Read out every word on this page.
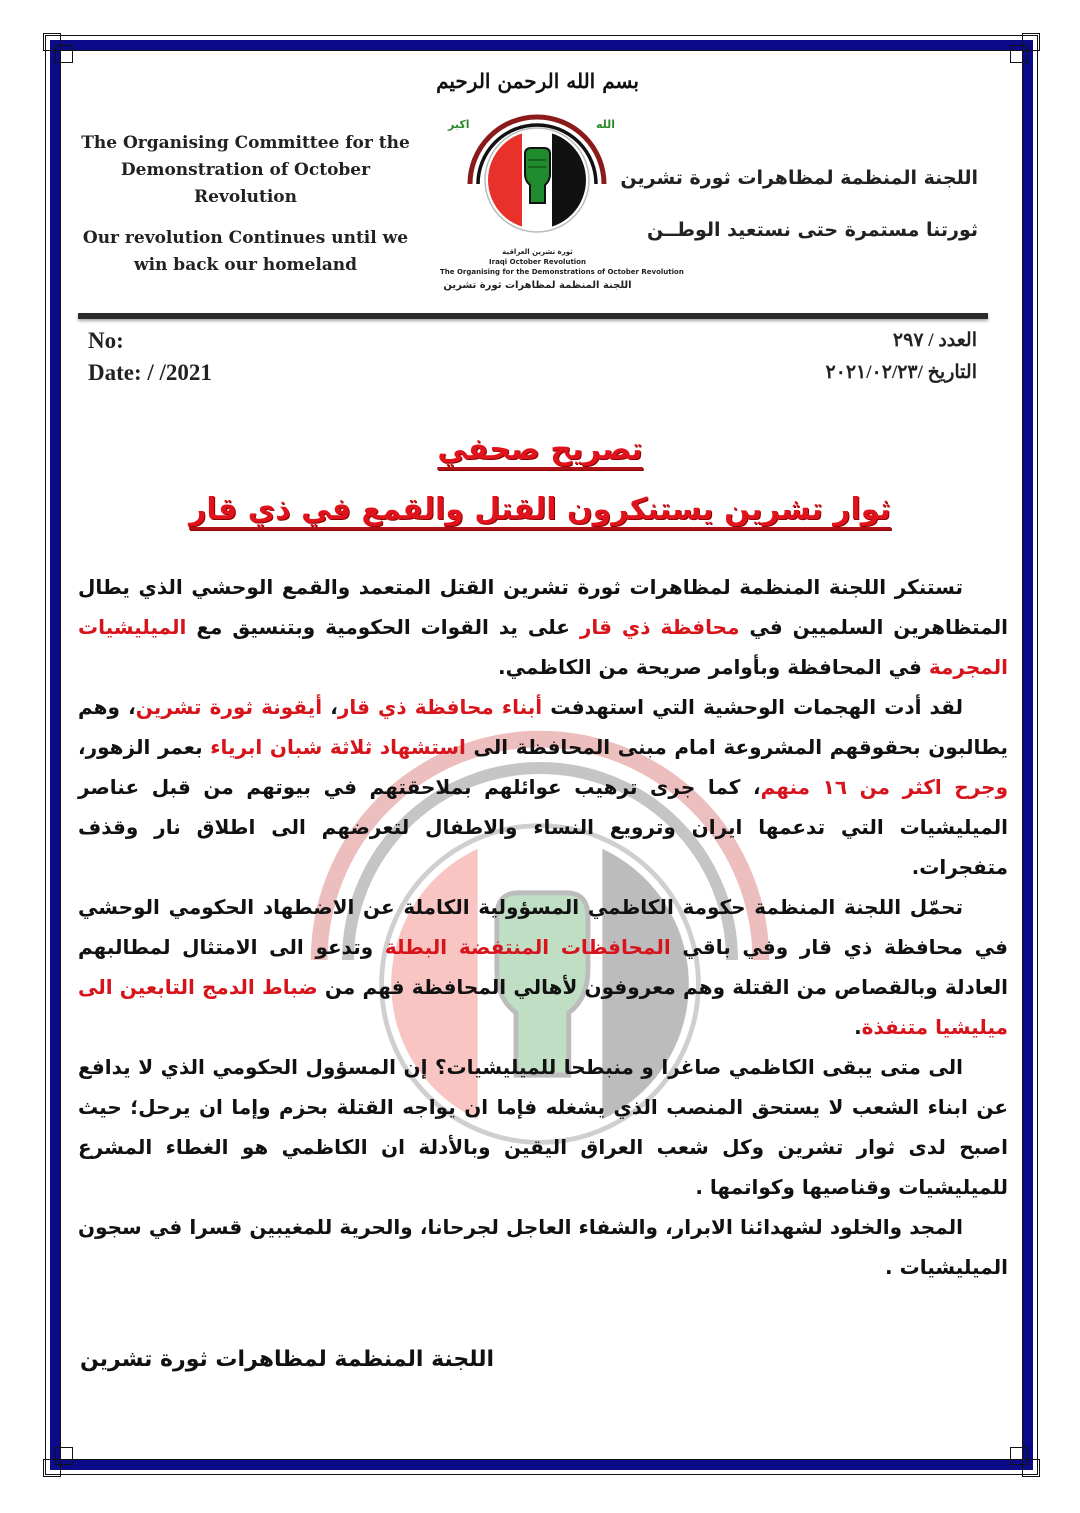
The Organising Committee for the
Demonstration of October
Revolution
Our revolution Continues until we
win back our homeland
بسم الله الرحمن الرحيم
الله
اكبر
ثورة تشرين العراقية
Iraqi October Revolution
The Organising for the Demonstrations of October Revolution
اللجنة المنظمة لمظاهرات ثورة تشرين
اللجنة المنظمة لمظاهرات ثورة تشرين
ثورتنا مستمرة حتى نستعيد الوطــن
No:
Date: / /2021
العدد / ٢٩٧
التاريخ /٢٠٢١/٠٢/٢٣
تصريح صحفي
ثوار تشرين يستنكرون القتل والقمع في ذي قار

تستنكر اللجنة المنظمة لمظاهرات ثورة تشرين القتل المتعمد والقمع الوحشي الذي يطال المتظاهرين السلميين في محافظة ذي قار على يد القوات الحكومية وبتنسيق مع الميليشيات المجرمة في المحافظة وبأوامر صريحة من الكاظمي.

لقد أدت الهجمات الوحشية التي استهدفت أبناء محافظة ذي قار، أيقونة ثورة تشرين، وهم يطالبون بحقوقهم المشروعة امام مبنى المحافظة الى استشهاد ثلاثة شبان ابرياء بعمر الزهور، وجرح اكثر من ١٦ منهم، كما جرى ترهيب عوائلهم بملاحقتهم في بيوتهم من قبل عناصر الميليشيات التي تدعمها ايران وترويع النساء والاطفال لتعرضهم الى اطلاق نار وقذف متفجرات.

تحمّل اللجنة المنظمة حكومة الكاظمي المسؤولية الكاملة عن الاضطهاد الحكومي الوحشي في محافظة ذي قار وفي باقي المحافظات المنتفضة البطلة وتدعو الى الامتثال لمطالبهم العادلة وبالقصاص من القتلة وهم معروفون لأهالي المحافظة فهم من ضباط الدمج التابعين الى ميليشيا متنفذة.

الى متى يبقى الكاظمي صاغرا و منبطحا للميليشيات؟ إن المسؤول الحكومي الذي لا يدافع عن ابناء الشعب لا يستحق المنصب الذي يشغله فإما ان يواجه القتلة بحزم وإما ان يرحل؛ حيث اصبح لدى ثوار تشرين وكل شعب العراق اليقين وبالأدلة ان الكاظمي هو الغطاء المشرع للميليشيات وقناصيها وكواتمها .

المجد والخلود لشهدائنا الابرار، والشفاء العاجل لجرحانا، والحرية للمغيبين قسرا في سجون الميليشيات .

اللجنة المنظمة لمظاهرات ثورة تشرين
